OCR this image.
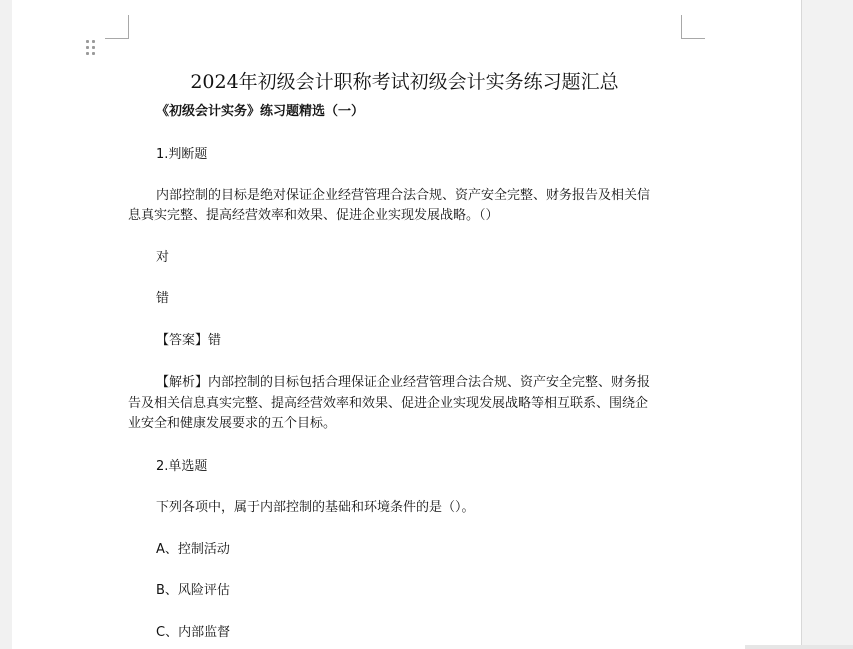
2024年初级会计职称考试初级会计实务练习题汇总
《初级会计实务》练习题精选（一）
1.判断题
内部控制的目标是绝对保证企业经营管理合法合规、资产安全完整、财务报告及相关信
息真实完整、提高经营效率和效果、促进企业实现发展战略。（）
对
错
【答案】错
【解析】内部控制的目标包括合理保证企业经营管理合法合规、资产安全完整、财务报
告及相关信息真实完整、提高经营效率和效果、促进企业实现发展战略等相互联系、围绕企
业安全和健康发展要求的五个目标。
2.单选题
下列各项中，属于内部控制的基础和环境条件的是（）。
A、控制活动
B、风险评估
C、内部监督
